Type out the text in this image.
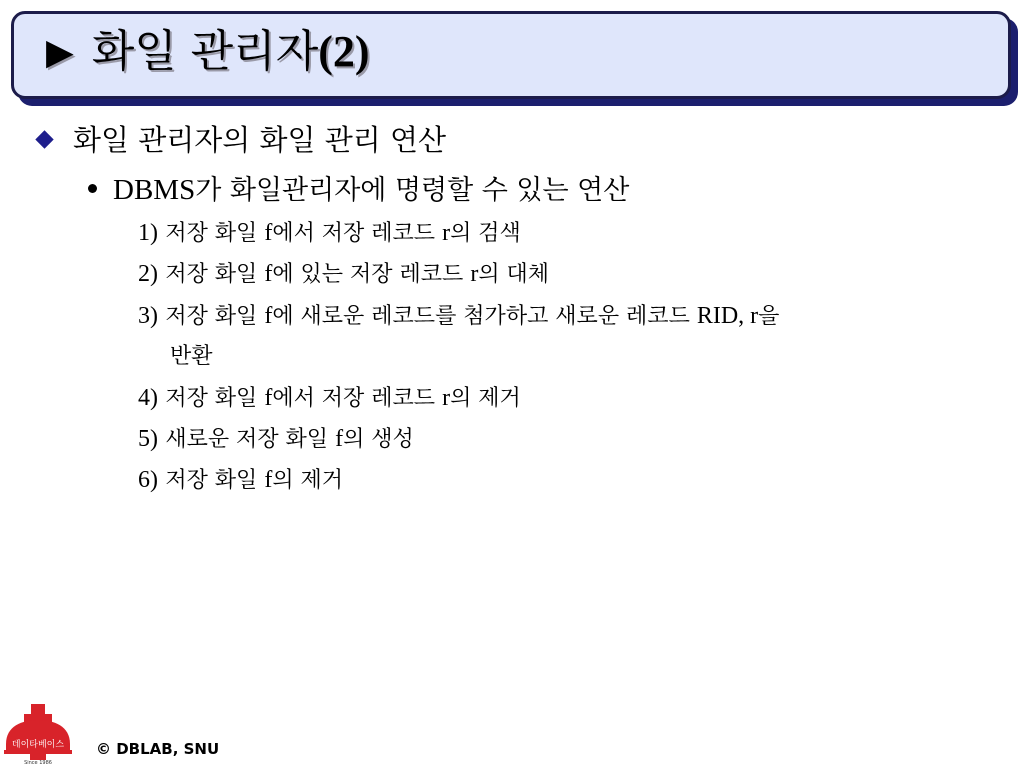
▶ 화일 관리자(2)
화일 관리자의 화일 관리 연산
DBMS가 화일관리자에 명령할 수 있는 연산
1) 저장 화일 f에서 저장 레코드 r의 검색
2) 저장 화일 f에 있는 저장 레코드 r의 대체
3) 저장 화일 f에 새로운 레코드를 첨가하고 새로운 레코드 RID, r을
반환
4) 저장 화일 f에서 저장 레코드 r의 제거
5) 새로운 저장 화일 f의 생성
6) 저장 화일 f의 제거
데이타베이스
Since 1986
© DBLAB, SNU
